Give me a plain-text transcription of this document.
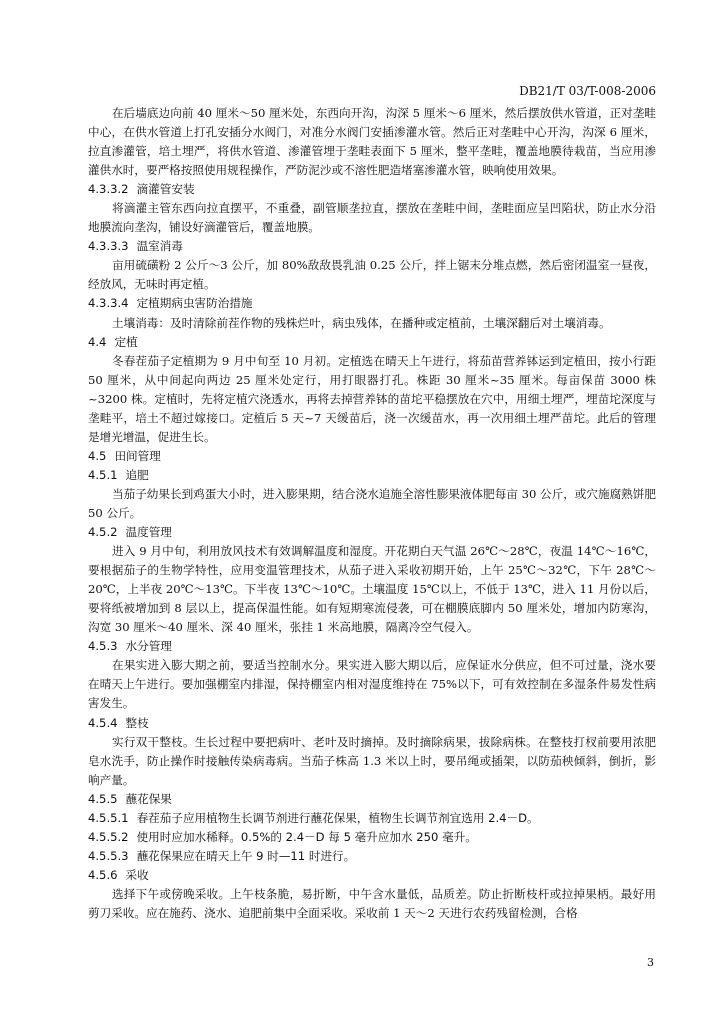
DB21/T 03/T-008-2006

在后墙底边向前 40 厘米～50 厘米处，东西向开沟，沟深 5 厘米～6 厘米，然后摆放供水管道，正对垄畦中心，在供水管道上打孔安插分水阀门，对准分水阀门安插渗灌水管。然后正对垄畦中心开沟，沟深 6 厘米，拉直渗灌管，培土埋严，将供水管道、渗灌管埋于垄畦表面下 5 厘米，整平垄畦，覆盖地膜待栽苗，当应用渗灌供水时，要严格按照使用规程操作，严防泥沙或不溶性肥造堵塞渗灌水管，映响使用效果。

4.3.3.2 滴灌管安装

将滴灌主管东西向拉直摆平，不重叠，副管顺垄拉直，摆放在垄畦中间，垄畦面应呈凹陷状，防止水分沿地膜流向垄沟，铺设好滴灌管后，覆盖地膜。

4.3.3.3 温室消毒

亩用硫磺粉 2 公斤～3 公斤，加 80%敌敌畏乳油 0.25 公斤，拌上锯末分堆点燃，然后密闭温室一昼夜，经放风，无味时再定植。

4.3.3.4 定植期病虫害防治措施

土壤消毒：及时清除前茬作物的残株烂叶，病虫残体，在播种或定植前，土壤深翻后对土壤消毒。

4.4 定植

冬春茬茄子定植期为 9 月中旬至 10 月初。定植选在晴天上午进行，将茄苗营养钵运到定植田，按小行距 50 厘米，从中间起向两边 25 厘米处定行，用打眼器打孔。株距 30 厘米~35 厘米。每亩保苗 3000 株~3200 株。定植时，先将定植穴浇透水，再将去掉营养钵的苗坨平稳摆放在穴中，用细土埋严，埋苗坨深度与垄畦平，培土不超过嫁接口。定植后 5 天~7 天缓苗后，浇一次缓苗水，再一次用细土埋严苗坨。此后的管理是增光增温，促进生长。

4.5 田间管理

4.5.1 追肥

当茄子幼果长到鸡蛋大小时，进入膨果期，结合浇水追施全溶性膨果液体肥每亩 30 公斤，或穴施腐熟饼肥 50 公斤。

4.5.2 温度管理

进入 9 月中旬，利用放风技术有效调解温度和湿度。开花期白天气温 26℃～28℃，夜温 14℃～16℃，要根据茄子的生物学特性，应用变温管理技术，从茄子进入采收初期开始，上午 25℃～32℃，下午 28℃～20℃，上半夜 20℃～13℃。下半夜 13℃～10℃。土壤温度 15℃以上，不低于 13℃，进入 11 月份以后，要将纸被增加到 8 层以上，提高保温性能。如有短期寒流侵袭，可在棚膜底脚内 50 厘米处，增加内防寒沟，沟宽 30 厘米～40 厘米、深 40 厘米，张挂 1 米高地膜，隔离冷空气侵入。

4.5.3 水分管理

在果实进入膨大期之前，要适当控制水分。果实进入膨大期以后，应保证水分供应，但不可过量，浇水要在晴天上午进行。要加强棚室内排湿，保持棚室内相对湿度维持在 75%以下，可有效控制在多湿条件易发性病害发生。

4.5.4 整枝

实行双干整枝。生长过程中要把病叶、老叶及时摘掉。及时摘除病果，拔除病株。在整枝打杈前要用浓肥皂水洗手，防止操作时接触传染病毒病。当茄子株高 1.3 米以上时，要吊绳或插架，以防茄秧倾斜，倒折，影响产量。

4.5.5 蘸花保果

4.5.5.1 春茬茄子应用植物生长调节剂进行蘸花保果，植物生长调节剂宜选用 2.4－D。

4.5.5.2 使用时应加水稀释。0.5%的 2.4－D 每 5 毫升应加水 250 毫升。

4.5.5.3 蘸花保果应在晴天上午 9 时—11 时进行。

4.5.6 采收

选择下午或傍晚采收。上午枝条脆，易折断，中午含水量低，品质差。防止折断枝杆或拉掉果柄。最好用剪刀采收。应在施药、浇水、追肥前集中全面采收。采收前 1 天～2 天进行农药残留检测，合格

3
